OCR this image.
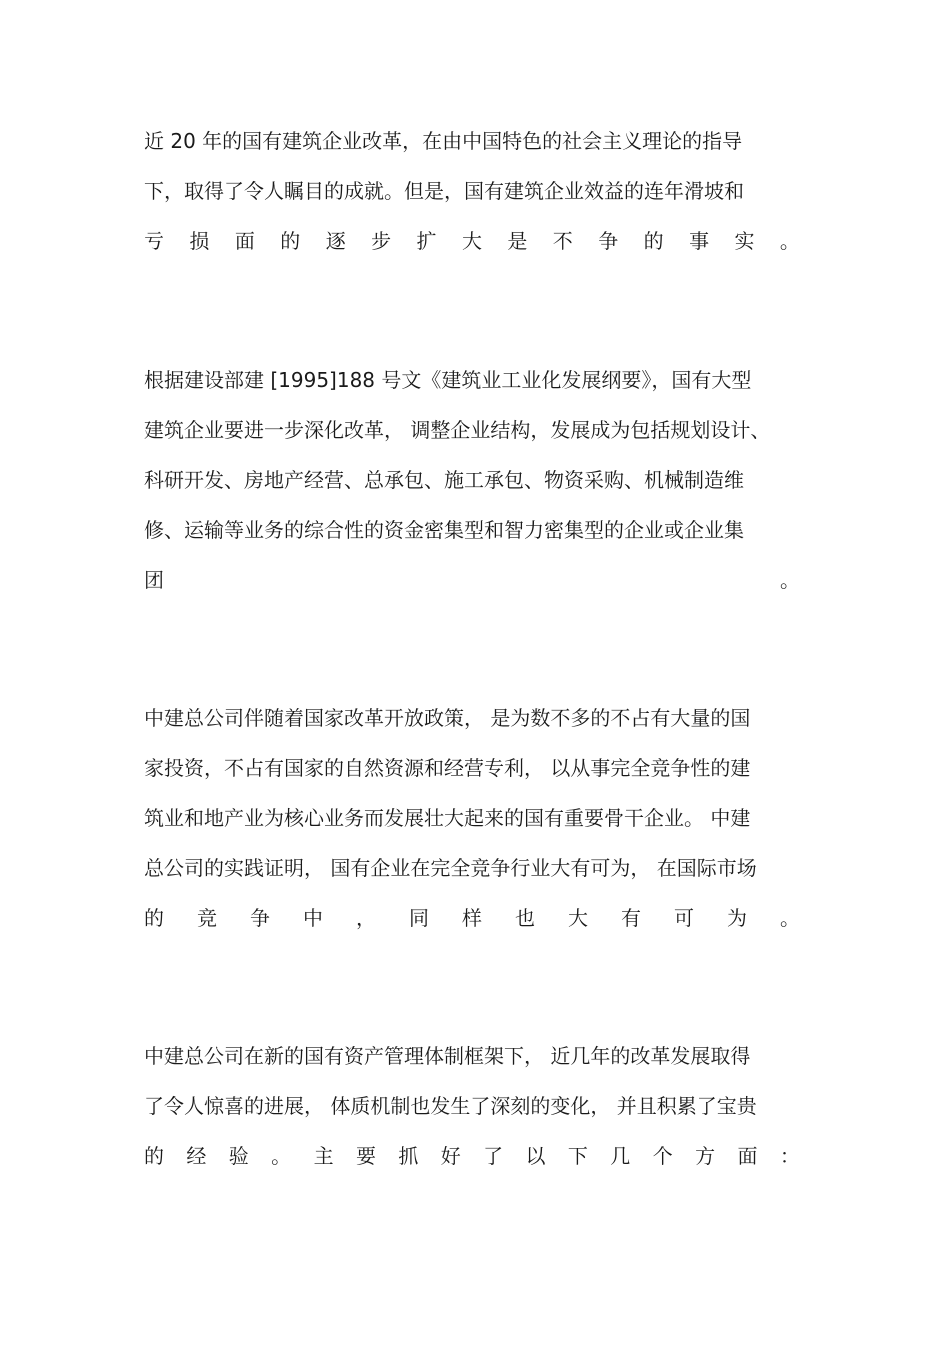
近 20 年的国有建筑企业改革，在由中国特色的社会主义理论的指导
下，取得了令人瞩目的成就。但是，国有建筑企业效益的连年滑坡和
亏 损 面 的 逐 步 扩 大 是 不 争 的 事 实 。
根据建设部建 [1995]188 号文《建筑业工业化发展纲要》，国有大型
建筑企业要进一步深化改革， 调整企业结构，发展成为包括规划设计、
科研开发、房地产经营、总承包、施工承包、物资采购、机械制造维
修、运输等业务的综合性的资金密集型和智力密集型的企业或企业集
团	。
中建总公司伴随着国家改革开放政策， 是为数不多的不占有大量的国
家投资，不占有国家的自然资源和经营专利， 以从事完全竞争性的建
筑业和地产业为核心业务而发展壮大起来的国有重要骨干企业。 中建
总公司的实践证明， 国有企业在完全竞争行业大有可为， 在国际市场
的 竞 争 中 ， 同 样 也 大 有 可 为 。
中建总公司在新的国有资产管理体制框架下， 近几年的改革发展取得
了令人惊喜的进展， 体质机制也发生了深刻的变化， 并且积累了宝贵
的 经 验 。 主 要 抓 好 了 以 下 几 个 方 面 ：
